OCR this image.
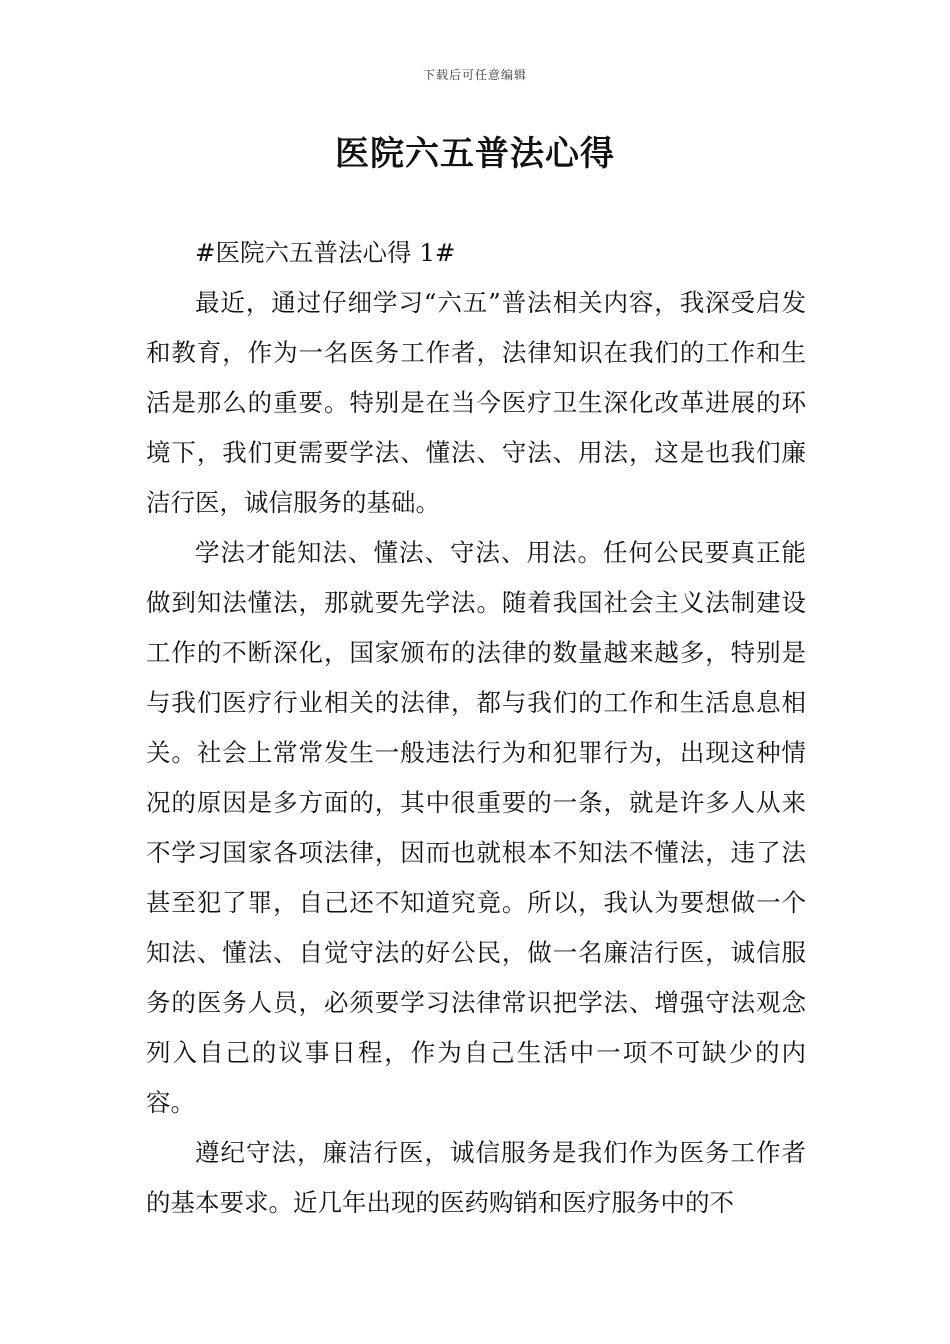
下载后可任意编辑
医院六五普法心得

#医院六五普法心得 1#

最近，通过仔细学习“六五”普法相关内容，我深受启发和教育，作为一名医务工作者，法律知识在我们的工作和生活是那么的重要。特别是在当今医疗卫生深化改革进展的环境下，我们更需要学法、懂法、守法、用法，这是也我们廉洁行医，诚信服务的基础。

学法才能知法、懂法、守法、用法。任何公民要真正能做到知法懂法，那就要先学法。随着我国社会主义法制建设工作的不断深化，国家颁布的法律的数量越来越多，特别是与我们医疗行业相关的法律，都与我们的工作和生活息息相关。社会上常常发生一般违法行为和犯罪行为，出现这种情况的原因是多方面的，其中很重要的一条，就是许多人从来不学习国家各项法律，因而也就根本不知法不懂法，违了法甚至犯了罪，自己还不知道究竟。所以，我认为要想做一个知法、懂法、自觉守法的好公民，做一名廉洁行医，诚信服务的医务人员，必须要学习法律常识把学法、增强守法观念列入自己的议事日程，作为自己生活中一项不可缺少的内容。

遵纪守法，廉洁行医，诚信服务是我们作为医务工作者的基本要求。近几年出现的医药购销和医疗服务中的不
